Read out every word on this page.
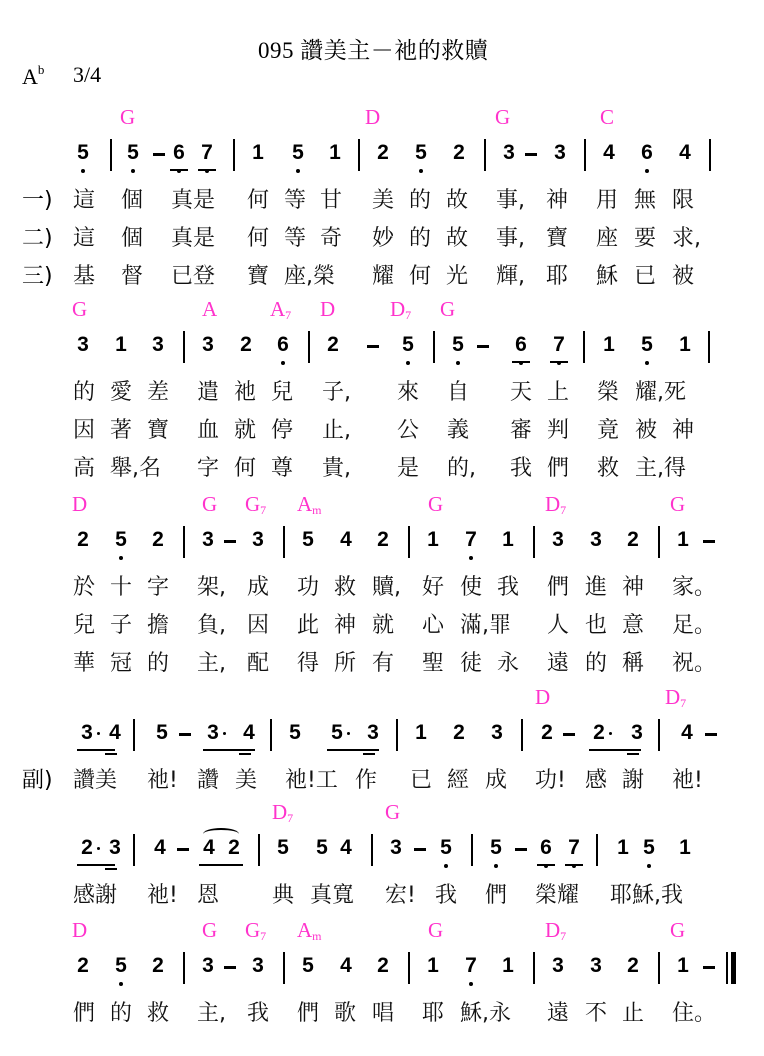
095 讚美主－祂的救贖
$A^b$ 3/4
G	D	G	C
5 5 6 7 1 5 1 2 5 2 3 3 4 6 4
一) 這 個 真是 何 等 甘 美 的 故 事, 神 用 無 限
二) 這 個 真是 何 等 奇 妙 的 故 事, 寶 座 要 求,
三) 基 督 已登 寶 座,榮 耀 何 光 輝, 耶 穌 已 被
G	A	$A_7$ D	$D_7$ G
3 1 3 3 2 6 2	5 5 6 7 1 5 1
的 愛 差 遣 祂 兒 子, 來 自 天 上 榮 耀,死
因 著 寶 血 就 停 止, 公 義 審 判 竟 被 神
高 舉,名 字 何 尊 貴, 是 的, 我 們 救 主,得
D	G $G_7$ $A_m$	G	$D_7$	G
2 5 2 3 3 5 4 2 1 7 1 3 3 2 1
於 十 字 架, 成 功 救 贖, 好 使 我 們 進 神 家。
兒 子 擔 負, 因 此 神 就 心 滿,罪 人 也 意 足。
華 冠 的 主, 配 得 所 有 聖 徒 永 遠 的 稱 祝。
D	$D_7$
3 4 5 3 4 5 5 3 1 2 3 2 2 3 4
副) 讚美 祂! 讚 美 祂!工 作 已 經 成 功! 感 謝 祂!
$D_7$	G
2 3 4 4 2 5 5 4 3 5 5 6 7 1 5 1
感謝 祂! 恩 典 真寬 宏! 我 們 榮耀 耶穌,我
D	G $G_7$ $A_m$	G	$D_7$	G
2 5 2 3 3 5 4 2 1 7 1 3 3 2 1
們 的 救 主, 我 們 歌 唱 耶 穌,永 遠 不 止 住。
